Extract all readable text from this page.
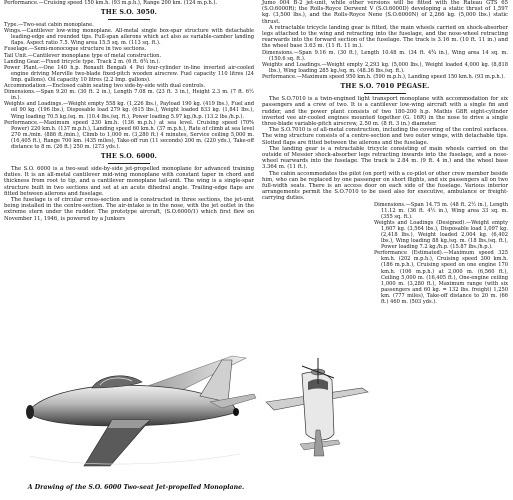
Performance.—Cruising speed 150 km.h. (93 m.p.h.), Range 200 km. (124 m.p.h.).

THE S.O. 3050.

Type.—Two-seat cabin monoplane.

Wings.—Cantilever low-wing monoplane. All-metal single box-spar structure with detachable leading-edge and rounded tips. Full-span ailerons which act also as variable-camber landing flaps. Aspect ratio 7.5. Wing area 15.5 sq. m. (113 sq. ft.).

Fuselage.—Semi-monocoque structure in two sections.

Tail Unit.—Cantilever monoplane type of metal construction.

Landing Gear.—Fixed tricycle type. Track 2 m. (6 ft. 6¾ in.).

Power Plant.—One 140 h.p. Renault Bengali 4 Pei four-cylinder in-line inverted air-cooled engine driving Merville two-blade fixed-pitch wooden airscrew. Fuel capacity 110 litres (24 Imp. gallons). Oil capacity 10 litres (2.2 Imp. gallons).

Accommodation.—Enclosed cabin seating two side-by-side with dual controls.

Dimensions.—Span 9.20 m. (30 ft. 2 in.), Length 7.08 m. (23 ft. 3 in.), Height 2.3 m. (7 ft. 6½ in.).

Weights and Loadings.—Weight empty 558 kg. (1,226 lbs.), Payload 190 kg. (419 lbs.), Fuel and oil 90 kg. (196 lbs.), Disposable load 279 kg. (615 lbs.), Weight loaded 833 kg. (1,841 lbs.), Wing loading 70.5 kg./sq. m. (10.4 lbs./sq. ft.), Power loading 5.97 kg./h.p. (13.2 lbs./h.p.).

Performance.—Maximum speed 230 km.h. (136 m.p.h.) at sea level. Cruising speed (70% Power) 220 km.h. (137 m.p.h.), Landing speed 60 km.h. (37 m.p.h.), Rate of climb at sea level 270 m./min. (886 ft./min.), Climb to 1,000 m. (3,280 ft.) 4 minutes, Service ceiling 5,000 m. (16,405 ft.), Range 700 km. (435 miles), Take-off run (11 seconds) 200 m. (220 yds.), Take-off distance to 8 m. (26 ft.) 250 m. (273 yds.).

THE S.O. 6000.

The S.O. 6000 is a two-seat side-by-side jet-propelled monoplane for advanced training duties. It is an all-metal cantilever mid-wing monoplane with constant taper in chord and thickness from root to tip, and a cantilever monoplane tail-unit. The wing is a single-spar structure built in two sections and set at an acute dihedral angle. Trailing-edge flaps are fitted between ailerons and fuselage.

The fuselage is of circular cross-section and is constructed in three sections, the jet-unit being installed in the centre-section. The air-intake is in the nose, with the jet outlet in the extreme stern under the rudder. The prototype aircraft, (S.O.6000/1) which first flew on November 11, 1946, is powered by a Junkers

A Drawing of the S.O. 6000 Two-seat Jet-propelled Monoplane.

Jumo 004 B-2 jet-unit, while other versions will be fitted with the Rateau GTS 65 (S.O.6000R); the Rolls-Royce Derwent V (S.O.6000D) developing a static thrust of 1,597 kg. (3,500 lbs.), and the Rolls-Royce Nene (S.O.6000N) of 2,266 kg. (5,000 lbs.) static thrust.

A retractable tricycle landing gear is fitted, the main wheels carried on shock-absorber legs attached to the wing and retracting into the fuselage, and the nose-wheel retracting rearwards into the forward section of the fuselage. The track is 3.16 m. (10 ft. 11 in.) and the wheel base 3.63 m. (11 ft. 11 in.).

Dimensions.—Span 9.16 m. (30 ft.), Length 10.48 m. (34 ft. 4¾ in.), Wing area 14 sq. m. (150.6 sq. ft.).

Weights and Loadings.—Weight empty 2,293 kg. (5,000 lbs.), Weight loaded 4,000 kg. (8,818 lbs.), Wing loading 285 kg./sq. m. (48.36 lbs./sq. ft.).

Performance.—Maximum speed 950 km.h. (590 m.p.h.), Landing speed 150 km.h. (93 m.p.h.).

THE S.O. 7010 PÉGASE.

The S.O.7010 is a twin-engined light transport monoplane with accommodation for six passengers and a crew of two. It is a cantilever low-wing aircraft with a single fin and rudder, and the power plant consists of two 180-200 h.p. Mathis G8R eight-cylinder inverted vee air-cooled engines mounted together (G. 16R) in the nose to drive a single three-blade variable-pitch airscrew, 2.50 m. (8 ft. 3 in.) diameter.

The S.O.7010 is of all-metal construction, including the covering of the control surfaces. The wing structure consists of a centre-section and two outer wings, with detachable tips. Slotted flaps are fitted between the ailerons and the fuselage.

The landing gear is a retractable tricycle consisting of main wheels carried on the outside of Messier shock-absorber legs retracting inwards into the fuselage, and a nose-wheel rearwards into the fuselage. The track is 2.84 m. (9 ft. 4 in.) and the wheel base 3.364 m. (11 ft.).

The cabin accommodates the pilot (on port) with a co-pilot or other crew member beside him, who can be replaced by one passenger on short flights, and six passengers all on two full-width seats. There is an access door on each side of the fuselage. Various interior arrangements permit the S.O.7010 to be used also for executive, ambulance or freight-carrying duties.

Dimensions.—Span 14.75 m. (48 ft. 2½ in.), Length 11.12 m. (36 ft. 4½ in.), Wing area 33 sq. m. (355 sq. ft.).

Weights and Loadings (Designed).—Weight empty 1,607 kg. (3,564 lbs.), Disposable load 1,097 kg. (2,418 lbs.), Weight loaded 2,004 kg. (6,402 lbs.), Wing loading 88 kg./sq. m. (18 lbs./sq. ft.), Power loading 7.2 kg./h.p. (15.87 lbs./h.p.).

Performance (Estimated).—Maximum speed 325 km.h. (202 m.p.h.), Cruising speed 300 km.h. (186 m.p.h.), Cruising speed on one engine 170 km.h. (106 m.p.h.) at 2,000 m. (6,560 ft.), Ceiling 5,000 m. (16,405 ft.), One-engine ceiling 1,000 m. (3,280 ft.), Maximum range (with six passengers and 60 kg. = 132 lbs. freight) 1,250 km. (777 miles), Take-off distance to 20 m. (66 ft.) 460 m. (503 yds.).
